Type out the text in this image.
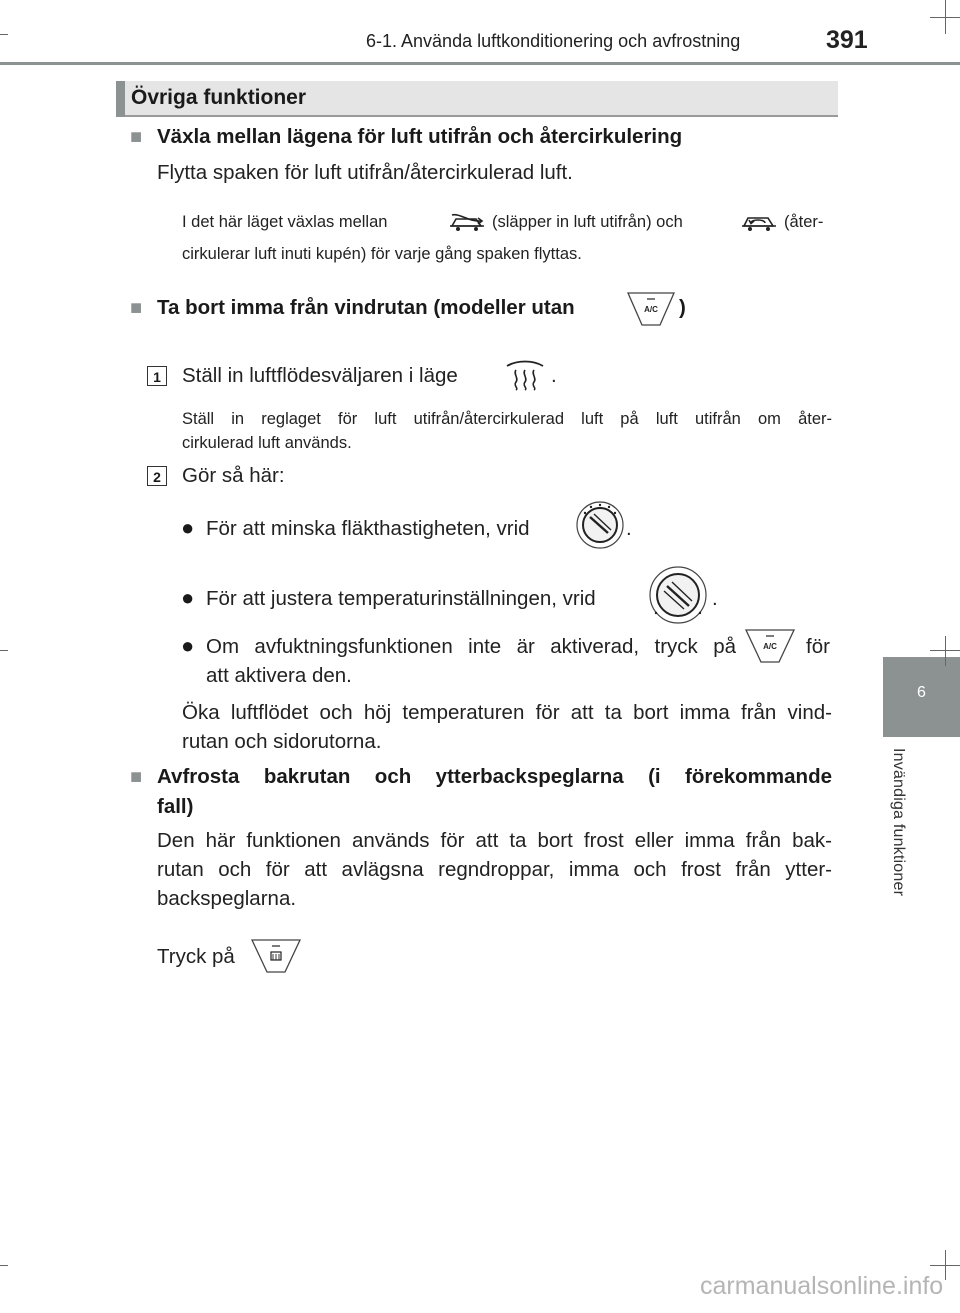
6-1. Använda luftkonditionering och avfrostning	391
6
Invändiga funktioner
Övriga funktioner
■ Växla mellan lägena för luft utifrån och återcirkulering
Flytta spaken för luft utifrån/återcirkulerad luft.
I det här läget växlas mellan	(släpper in luft utifrån) och	(åter-
cirkulerar luft inuti kupén) för varje gång spaken flyttas.
■ Ta bort imma från vindrutan (modeller utan	A/C )
1 Ställ in luftflödesväljaren i läge	.
Ställ in reglaget för luft utifrån/återcirkulerad luft på luft utifrån om åter-
cirkulerad luft används.
2 Gör så här:
● För att minska fläkthastigheten, vrid	.
● För att justera temperaturinställningen, vrid	.
● Om avfuktningsfunktionen inte är aktiverad, tryck på	A/C för
att aktivera den.
Öka luftflödet och höj temperaturen för att ta bort imma från vind-
rutan och sidorutorna.
■ Avfrosta bakrutan och ytterbackspeglarna (i förekommande
fall)
Den här funktionen används för att ta bort frost eller imma från bak-
rutan och för att avlägsna regndroppar, imma och frost från ytter-
backspeglarna.
Tryck på
carmanualsonline.info
